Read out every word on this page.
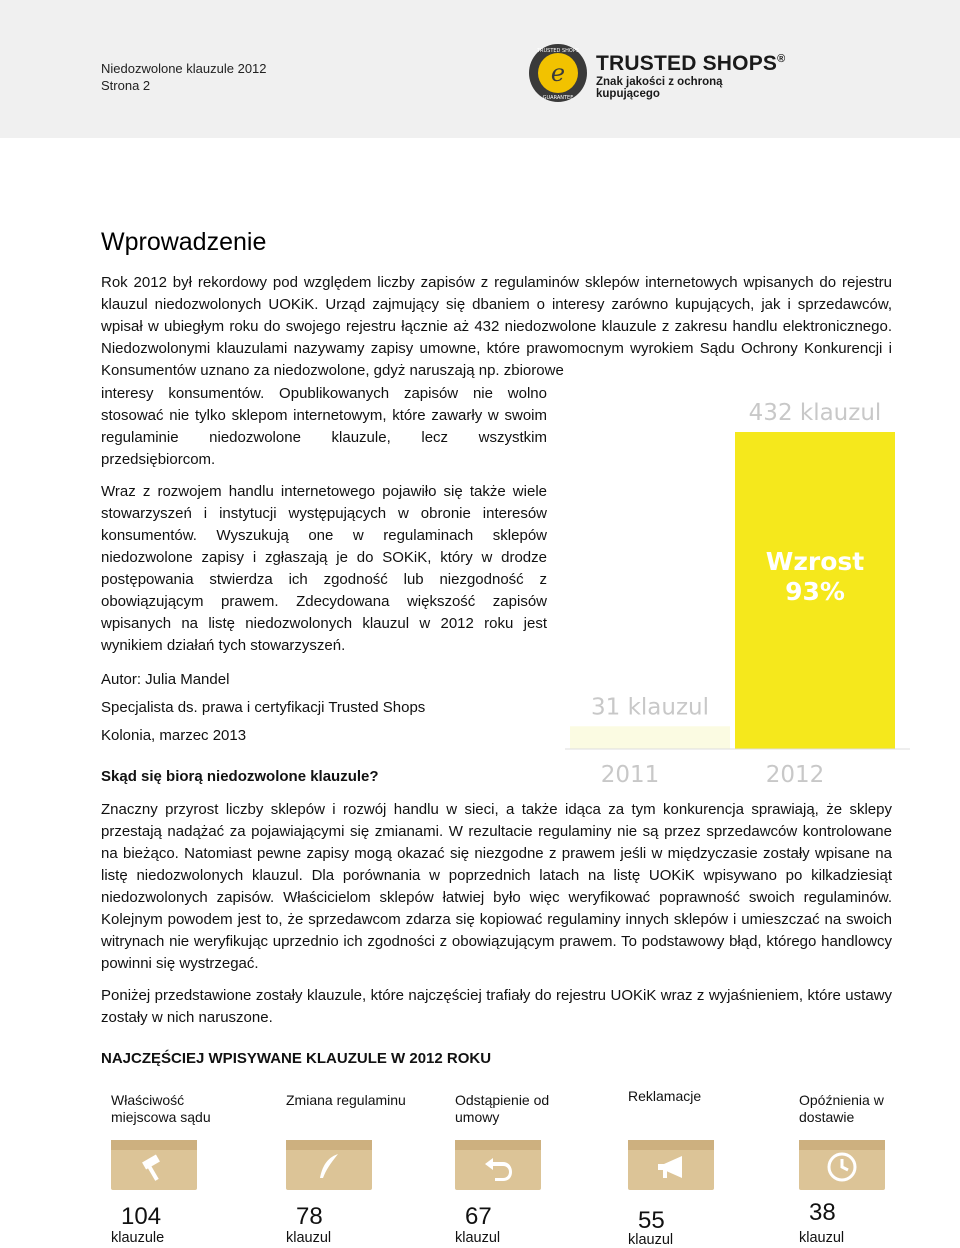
Niedozwolone klauzule 2012
Strona 2	e
TRUSTED SHOPS
GUARANTEE
TRUSTED SHOPS®
Znak jakości z ochroną kupującego
Wprowadzenie

Rok 2012 był rekordowy pod względem liczby zapisów z regulaminów sklepów internetowych wpisanych do rejestru klauzul niedozwolonych UOKiK. Urząd zajmujący się dbaniem o interesy zarówno kupujących, jak i sprzedawców, wpisał w ubiegłym roku do swojego rejestru łącznie aż 432 niedozwolone klauzule z zakresu handlu elektronicznego. Niedozwolonymi klauzulami nazywamy zapisy umowne, które prawomocnym wyrokiem Sądu Ochrony Konkurencji i Konsumentów uznano za niedozwolone, gdyż naruszają np. zbiorowe

interesy konsumentów. Opublikowanych zapisów nie wolno stosować nie tylko sklepom internetowym, które zawarły w swoim regulaminie niedozwolone klauzule, lecz wszystkim przedsiębiorcom.

Wraz z rozwojem handlu internetowego pojawiło się także wiele stowarzyszeń i instytucji występujących w obronie interesów konsumentów. Wyszukują one w regulaminach sklepów niedozwolone zapisy i zgłaszają je do SOKiK, który w drodze postępowania stwierdza ich zgodność lub niezgodność z obowiązującym prawem. Zdecydowana większość zapisów wpisanych na listę niedozwolonych klauzul w 2012 roku jest wynikiem działań tych stowarzyszeń.

Autor: Julia Mandel

Specjalista ds. prawa i certyfikacji Trusted Shops

Kolonia, marzec 2013

31 klauzul
2011
432 klauzul
2012
Wzrost
93%

Skąd się biorą niedozwolone klauzule?

Znaczny przyrost liczby sklepów i rozwój handlu w sieci, a także idąca za tym konkurencja sprawiają, że sklepy przestają nadążać za pojawiającymi się zmianami. W rezultacie regulaminy nie są przez sprzedawców kontrolowane na bieżąco. Natomiast pewne zapisy mogą okazać się niezgodne z prawem jeśli w międzyczasie zostały wpisane na listę niedozwolonych klauzul. Dla porównania w poprzednich latach na listę UOKiK wpisywano po kilkadziesiąt niedozwolonych zapisów. Właścicielom sklepów łatwiej było więc weryfikować poprawność swoich regulaminów. Kolejnym powodem jest to, że sprzedawcom zdarza się kopiować regulaminy innych sklepów i umieszczać na swoich witrynach nie weryfikując uprzednio ich zgodności z obowiązującym prawem. To podstawowy błąd, którego handlowcy powinni się wystrzegać.

Poniżej przedstawione zostały klauzule, które najczęściej trafiały do rejestru UOKiK wraz z wyjaśnieniem, które ustawy zostały w nich naruszone.

NAJCZĘŚCIEJ WPISYWANE KLAUZULE W 2012 ROKU

Właściwość miejscowa sądu
104
klauzule
Zmiana regulaminu
78
klauzul
Odstąpienie od umowy
67
klauzul
Reklamacje
55
klauzul
Opóźnienia w dostawie
38
klauzul
